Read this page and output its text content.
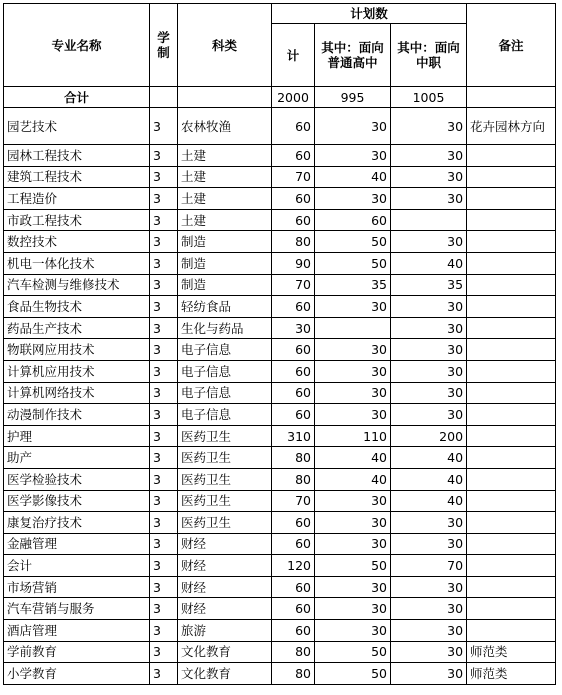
专业名称	学制	科类	计划数			备注
			计	其中：面向普通高中	其中：面向中职	
合计			2000	995	1005	
园艺技术	3	农林牧渔	60	30	30	花卉园林方向
园林工程技术	3	土建	60	30	30	
建筑工程技术	3	土建	70	40	30	
工程造价	3	土建	60	30	30	
市政工程技术	3	土建	60	60		
数控技术	3	制造	80	50	30	
机电一体化技术	3	制造	90	50	40	
汽车检测与维修技术	3	制造	70	35	35	
食品生物技术	3	轻纺食品	60	30	30	
药品生产技术	3	生化与药品	30		30	
物联网应用技术	3	电子信息	60	30	30	
计算机应用技术	3	电子信息	60	30	30	
计算机网络技术	3	电子信息	60	30	30	
动漫制作技术	3	电子信息	60	30	30	
护理	3	医药卫生	310	110	200	
助产	3	医药卫生	80	40	40	
医学检验技术	3	医药卫生	80	40	40	
医学影像技术	3	医药卫生	70	30	40	
康复治疗技术	3	医药卫生	60	30	30	
金融管理	3	财经	60	30	30	
会计	3	财经	120	50	70	
市场营销	3	财经	60	30	30	
汽车营销与服务	3	财经	60	30	30	
酒店管理	3	旅游	60	30	30	
学前教育	3	文化教育	80	50	30	师范类
小学教育	3	文化教育	80	50	30	师范类
